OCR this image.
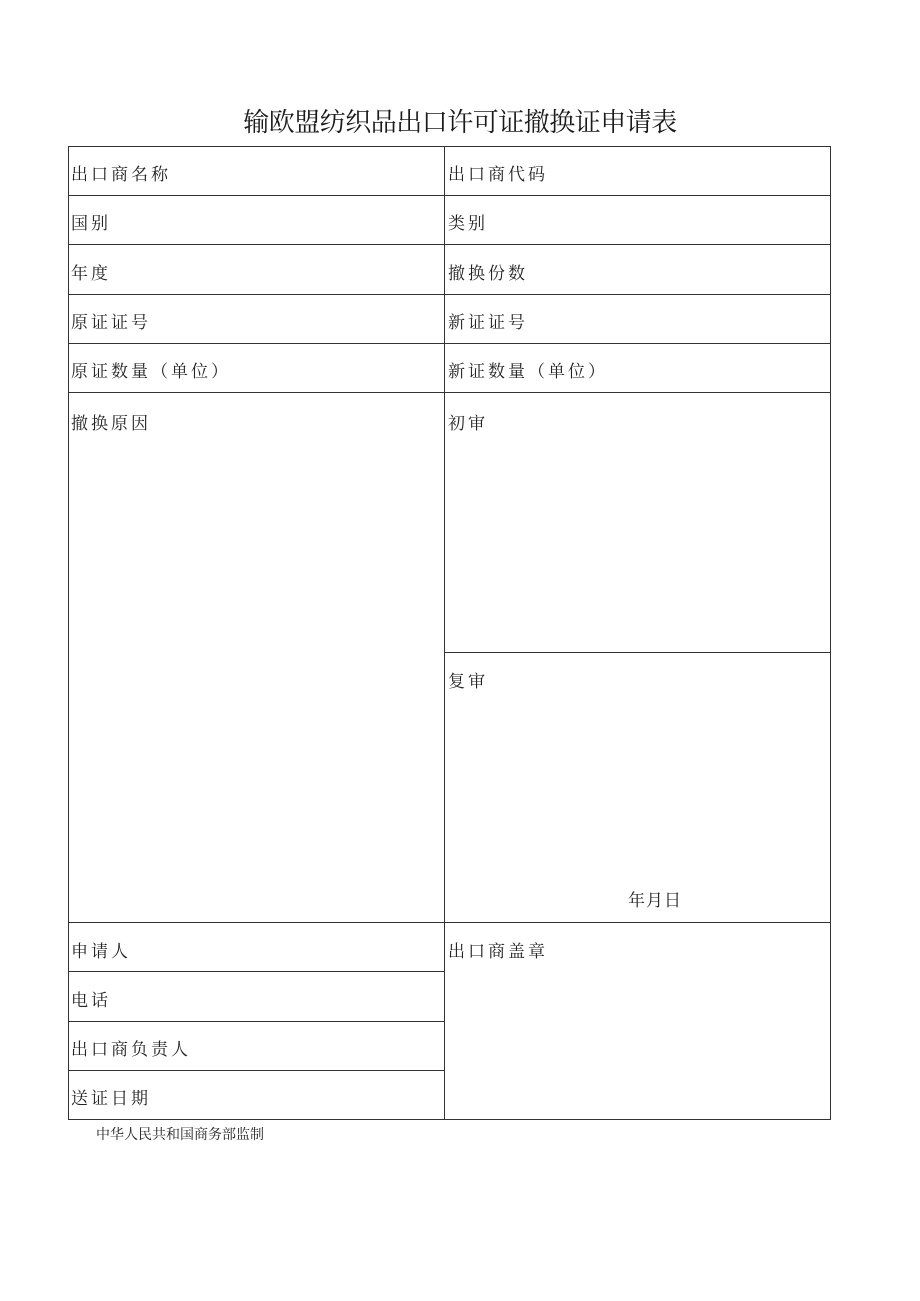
输欧盟纺织品出口许可证撤换证申请表
出口商名称	出口商代码
国别	类别
年度	撤换份数
原证证号	新证证号
原证数量（单位）	新证数量（单位）
撤换原因	初审
复审
年月日
申请人
电话
出口商负责人
送证日期
出口商盖章
中华人民共和国商务部监制
